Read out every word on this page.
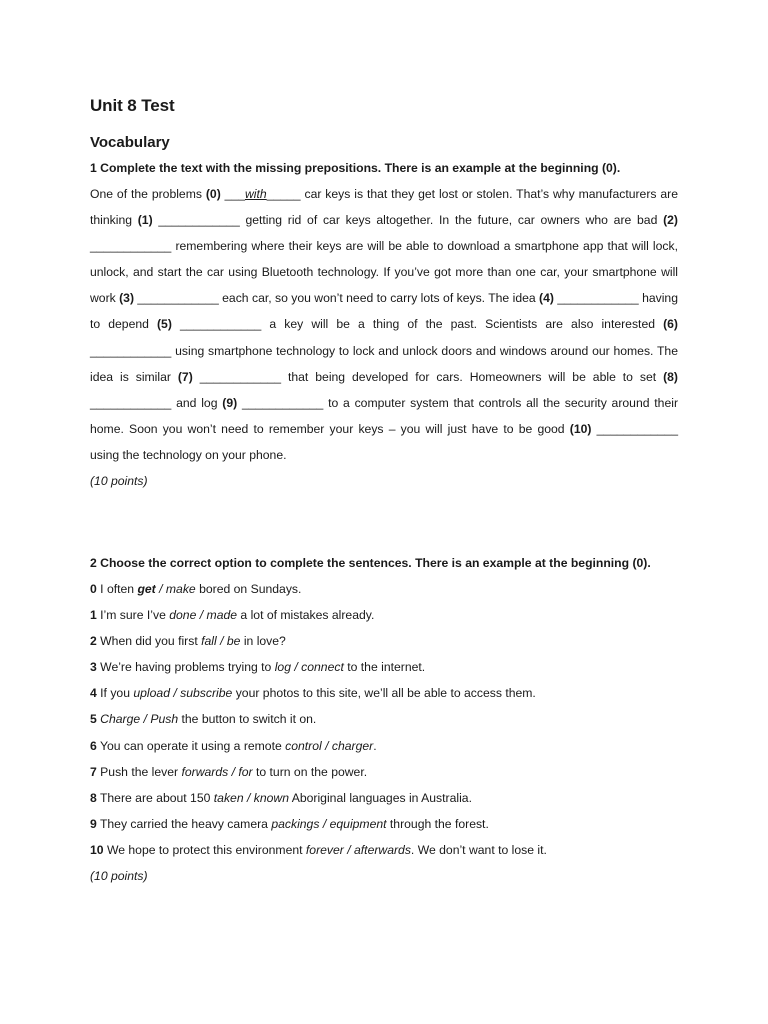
Unit 8 Test
Vocabulary

1 Complete the text with the missing prepositions. There is an example at the beginning (0).

One of the problems (0) ___with_____ car keys is that they get lost or stolen. That’s why manufacturers are thinking (1) ____________ getting rid of car keys altogether. In the future, car owners who are bad (2) ____________ remembering where their keys are will be able to download a smartphone app that will lock, unlock, and start the car using Bluetooth technology. If you’ve got more than one car, your smartphone will work (3) ____________ each car, so you won’t need to carry lots of keys. The idea (4) ____________ having to depend (5) ____________ a key will be a thing of the past. Scientists are also interested (6) ____________ using smartphone technology to lock and unlock doors and windows around our homes. The idea is similar (7) ____________ that being developed for cars. Homeowners will be able to set (8) ____________ and log (9) ____________ to a computer system that controls all the security around their home. Soon you won’t need to remember your keys – you will just have to be good (10) ____________ using the technology on your phone.

(10 points)

2 Choose the correct option to complete the sentences. There is an example at the beginning (0).

0 I often get / make bored on Sundays.

1 I’m sure I’ve done / made a lot of mistakes already.

2 When did you first fall / be in love?

3 We’re having problems trying to log / connect to the internet.

4 If you upload / subscribe your photos to this site, we’ll all be able to access them.

5 Charge / Push the button to switch it on.

6 You can operate it using a remote control / charger.

7 Push the lever forwards / for to turn on the power.

8 There are about 150 taken / known Aboriginal languages in Australia.

9 They carried the heavy camera packings / equipment through the forest.

10 We hope to protect this environment forever / afterwards. We don’t want to lose it.

(10 points)
